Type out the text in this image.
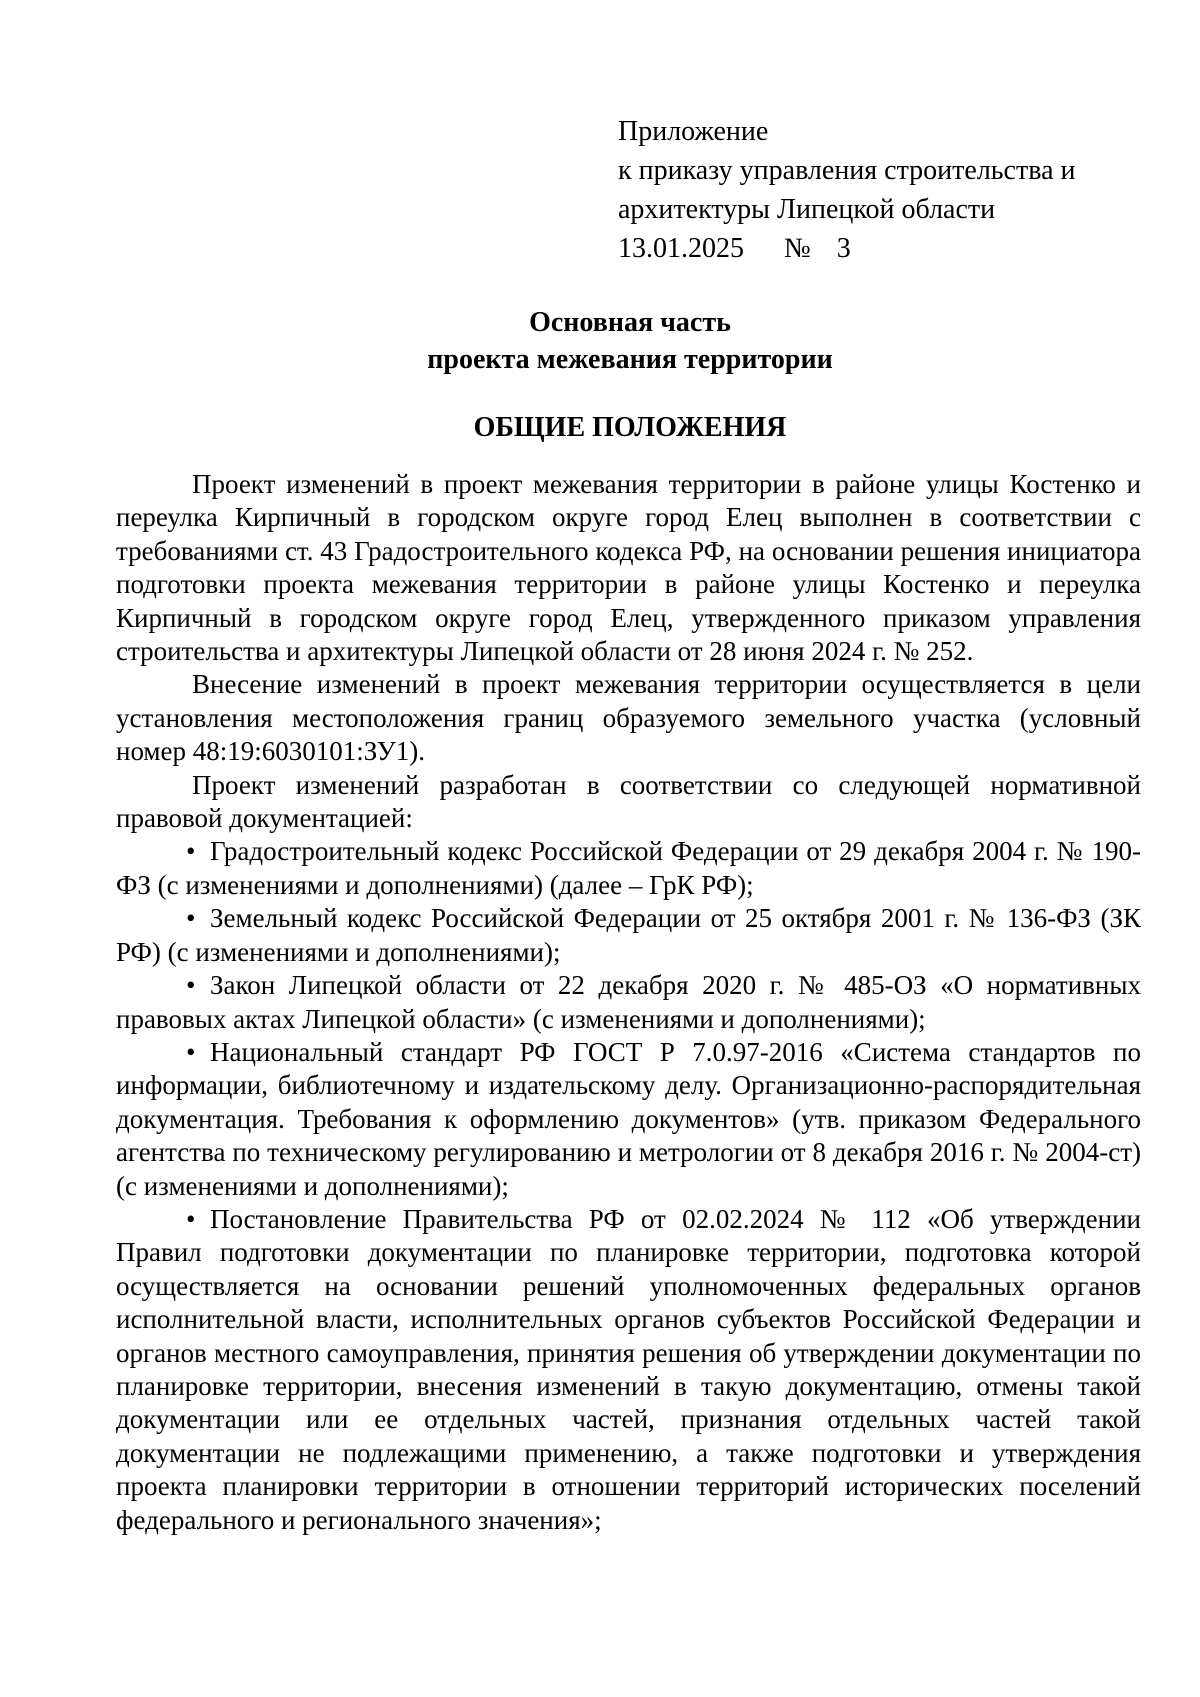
Приложение
к приказу управления строительства и
архитектуры Липецкой области
13.01.2025 № 3
Основная часть
проекта межевания территории
ОБЩИЕ ПОЛОЖЕНИЯ

Проект изменений в проект межевания территории в районе улицы Костенко и переулка Кирпичный в городском округе город Елец выполнен в соответствии с требованиями ст. 43 Градостроительного кодекса РФ, на основании решения инициатора подготовки проекта межевания территории в районе улицы Костенко и переулка Кирпичный в городском округе город Елец, утвержденного приказом управления строительства и архитектуры Липецкой области от 28 июня 2024 г. № 252.

Внесение изменений в проект межевания территории осуществляется в цели установления местоположения границ образуемого земельного участка (условный номер 48:19:6030101:ЗУ1).

Проект изменений разработан в соответствии со следующей нормативной правовой документацией:

• Градостроительный кодекс Российской Федерации от 29 декабря 2004 г. № 190-ФЗ (с изменениями и дополнениями) (далее – ГрК РФ);

• Земельный кодекс Российской Федерации от 25 октября 2001 г. № 136-ФЗ (ЗК РФ) (с изменениями и дополнениями);

• Закон Липецкой области от 22 декабря 2020 г. № 485-ОЗ «О нормативных правовых актах Липецкой области» (с изменениями и дополнениями);

• Национальный стандарт РФ ГОСТ Р 7.0.97-2016 «Система стандартов по информации, библиотечному и издательскому делу. Организационно-распорядительная документация. Требования к оформлению документов» (утв. приказом Федерального агентства по техническому регулированию и метрологии от 8 декабря 2016 г. № 2004-ст) (с изменениями и дополнениями);

• Постановление Правительства РФ от 02.02.2024 № 112 «Об утверждении Правил подготовки документации по планировке территории, подготовка которой осуществляется на основании решений уполномоченных федеральных органов исполнительной власти, исполнительных органов субъектов Российской Федерации и органов местного самоуправления, принятия решения об утверждении документации по планировке территории, внесения изменений в такую документацию, отмены такой документации или ее отдельных частей, признания отдельных частей такой документации не подлежащими применению, а также подготовки и утверждения проекта планировки территории в отношении территорий исторических поселений федерального и регионального значения»;
